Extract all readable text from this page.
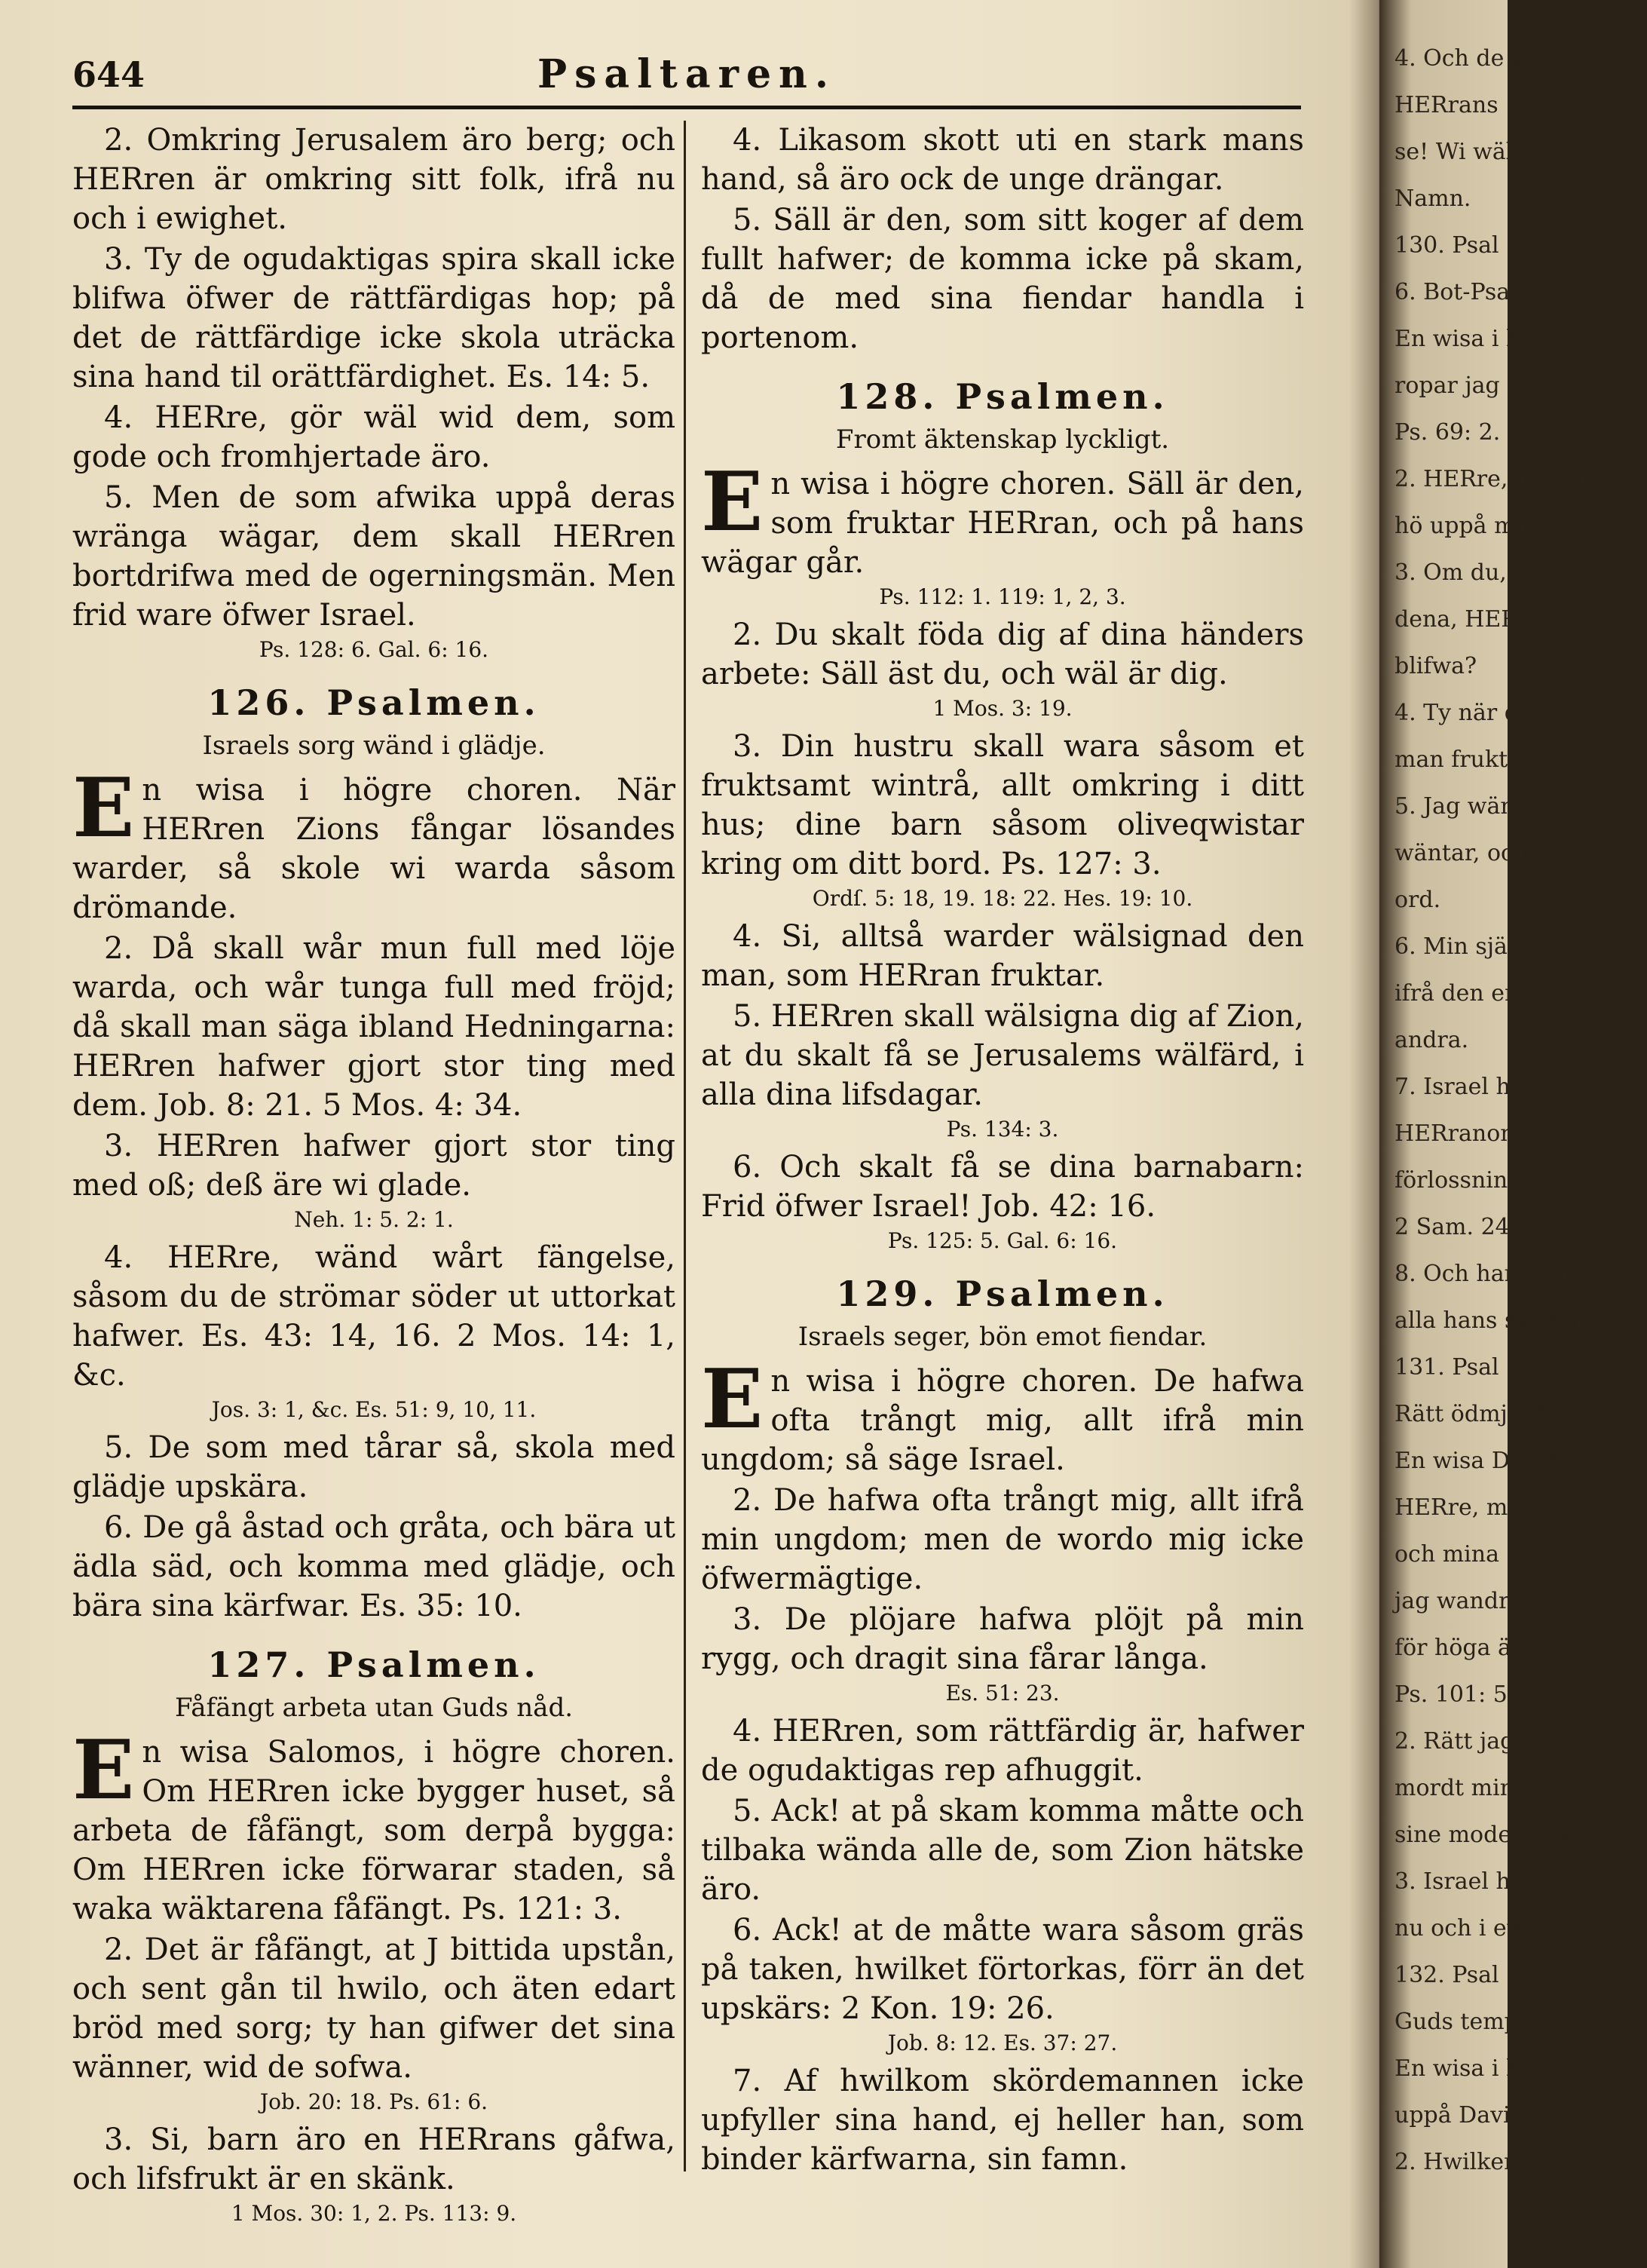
644	Psaltaren.
2. Omkring Jerusalem äro berg; och HERren är omkring sitt folk, ifrå nu och i ewighet.
3. Ty de ogudaktigas spira skall icke blifwa öfwer de rättfärdigas hop; på det de rättfärdige icke skola uträcka sina hand til orättfärdighet. Es. 14: 5.
4. HERre, gör wäl wid dem, som gode och fromhjertade äro.
5. Men de som afwika uppå deras wränga wägar, dem skall HERren bortdrifwa med de ogerningsmän. Men frid ware öfwer Israel.
Ps. 128: 6. Gal. 6: 16.
126. Psalmen.
Israels sorg wänd i glädje.
En wisa i högre choren. När HERren Zions fångar lösandes warder, så skole wi warda såsom drömande.
2. Då skall wår mun full med löje warda, och wår tunga full med fröjd; då skall man säga ibland Hedningarna: HERren hafwer gjort stor ting med dem. Job. 8: 21. 5 Mos. 4: 34.
3. HERren hafwer gjort stor ting med oß; deß äre wi glade.
Neh. 1: 5. 2: 1.
4. HERre, wänd wårt fängelse, såsom du de strömar söder ut uttorkat hafwer. Es. 43: 14, 16. 2 Mos. 14: 1, &c.
Jos. 3: 1, &c. Es. 51: 9, 10, 11.
5. De som med tårar så, skola med glädje upskära.
6. De gå åstad och gråta, och bära ut ädla säd, och komma med glädje, och bära sina kärfwar. Es. 35: 10.
127. Psalmen.
Fåfängt arbeta utan Guds nåd.
En wisa Salomos, i högre choren. Om HERren icke bygger huset, så arbeta de fåfängt, som derpå bygga: Om HERren icke förwarar staden, så waka wäktarena fåfängt. Ps. 121: 3.
2. Det är fåfängt, at J bittida upstån, och sent gån til hwilo, och äten edart bröd med sorg; ty han gifwer det sina wänner, wid de sofwa.
Job. 20: 18. Ps. 61: 6.
3. Si, barn äro en HERrans gåfwa, och lifsfrukt är en skänk.
1 Mos. 30: 1, 2. Ps. 113: 9.
4. Likasom skott uti en stark mans hand, så äro ock de unge drängar.
5. Säll är den, som sitt koger af dem fullt hafwer; de komma icke på skam, då de med sina fiendar handla i portenom.
128. Psalmen.
Fromt äktenskap lyckligt.
En wisa i högre choren. Säll är den, som fruktar HERran, och på hans wägar går.
Ps. 112: 1. 119: 1, 2, 3.
2. Du skalt föda dig af dina händers arbete: Säll äst du, och wäl är dig.
1 Mos. 3: 19.
3. Din hustru skall wara såsom et fruktsamt wintrå, allt omkring i ditt hus; dine barn såsom oliveqwistar kring om ditt bord. Ps. 127: 3.
Ordſ. 5: 18, 19. 18: 22. Hes. 19: 10.
4. Si, alltså warder wälsignad den man, som HERran fruktar.
5. HERren skall wälsigna dig af Zion, at du skalt få se Jerusalems wälfärd, i alla dina lifsdagar.
Ps. 134: 3.
6. Och skalt få se dina barnabarn: Frid öfwer Israel! Job. 42: 16.
Ps. 125: 5. Gal. 6: 16.
129. Psalmen.
Israels seger, bön emot fiendar.
En wisa i högre choren. De hafwa ofta trångt mig, allt ifrå min ungdom; så säge Israel.
2. De hafwa ofta trångt mig, allt ifrå min ungdom; men de wordo mig icke öfwermägtige.
3. De plöjare hafwa plöjt på min rygg, och dragit sina fårar långa.
Es. 51: 23.
4. HERren, som rättfärdig är, hafwer de ogudaktigas rep afhuggit.
5. Ack! at på skam komma måtte och tilbaka wända alle de, som Zion hätske äro.
6. Ack! at de måtte wara såsom gräs på taken, hwilket förtorkas, förr än det upskärs: 2 Kon. 19: 26.
Job. 8: 12. Es. 37: 27.
7. Af hwilkom skördemannen icke upfyller sina hand, ej heller han, som binder kärfwarna, sin famn.
4. Och de som
HERrans
se! Wi wälsig
Namn.
130. Psal
6. Bot-Psal
En wisa i högre chor
ropar jag til dig,
Ps. 69: 2.
2. HERre, hör mi
hö uppå mins
3. Om du, HERr
dena, HERre, ho
blifwa?
4. Ty när dig är fö
man fruktar dig.
5. Jag wäntar efte
wäntar, och jag
ord.
6. Min själ wänta
ifrå den ena w
andra.
7. Israel hoppes
HERranom är
förlossning när hon
2 Sam. 24
8. Och han skall för
alla hans synder.
131. Psal
Rätt ödmjukhet
En wisa Davids,
HERre, mitt hje
och mina ögon
jag wandrar icke
för höga äro.
Ps. 101: 5.
2. Rätt jag icke satt
mordt min själ
sine moder afwa
3. Israel hoppes
nu och i ewighet.
132. Psal
Guds tempel och rege
En wisa i högre
uppå David,
2. Hwilken HER
